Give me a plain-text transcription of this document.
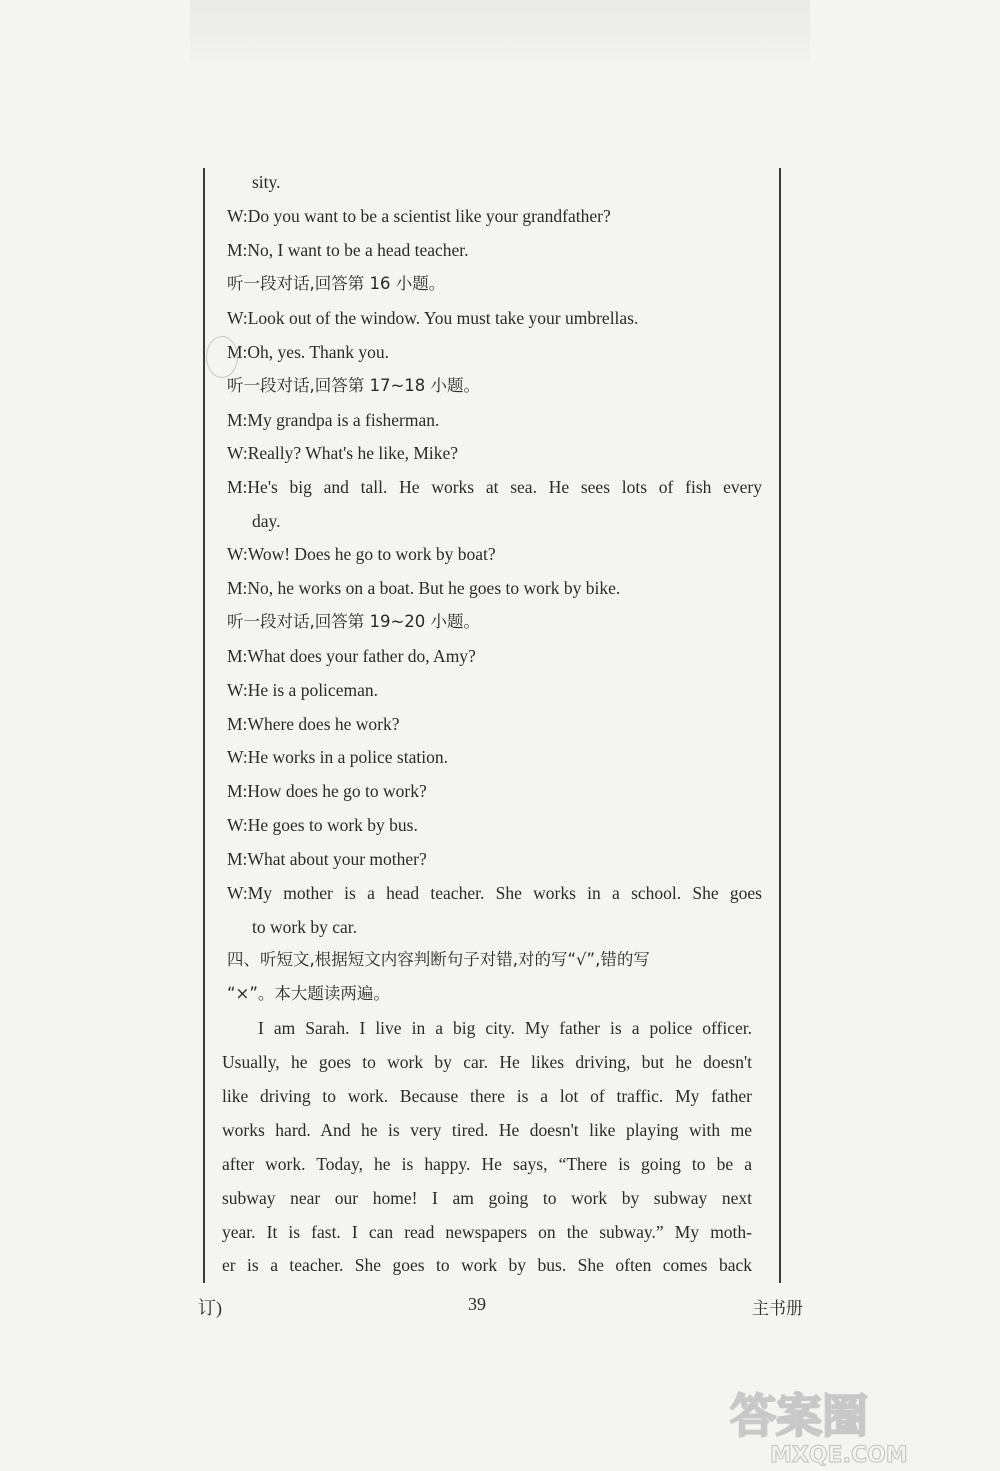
sity.
W:Do you want to be a scientist like your grandfather?
M:No, I want to be a head teacher.
听一段对话,回答第 16 小题。
W:Look out of the window. You must take your umbrellas.
M:Oh, yes. Thank you.
听一段对话,回答第 17~18 小题。
M:My grandpa is a fisherman.
W:Really? What's he like, Mike?
M:He's big and tall. He works at sea. He sees lots of fish every
day.
W:Wow! Does he go to work by boat?
M:No, he works on a boat. But he goes to work by bike.
听一段对话,回答第 19~20 小题。
M:What does your father do, Amy?
W:He is a policeman.
M:Where does he work?
W:He works in a police station.
M:How does he go to work?
W:He goes to work by bus.
M:What about your mother?
W:My mother is a head teacher. She works in a school. She goes
to work by car.
四、听短文,根据短文内容判断句子对错,对的写“√”,错的写
“×”。本大题读两遍。
I am Sarah. I live in a big city. My father is a police officer.
Usually, he goes to work by car. He likes driving, but he doesn't
like driving to work. Because there is a lot of traffic. My father
works hard. And he is very tired. He doesn't like playing with me
after work. Today, he is happy. He says, “There is going to be a
subway near our home! I am going to work by subway next
year. It is fast. I can read newspapers on the subway.” My moth-
er is a teacher. She goes to work by bus. She often comes back
订)	39	主书册
答案圈
MXQE.COM
